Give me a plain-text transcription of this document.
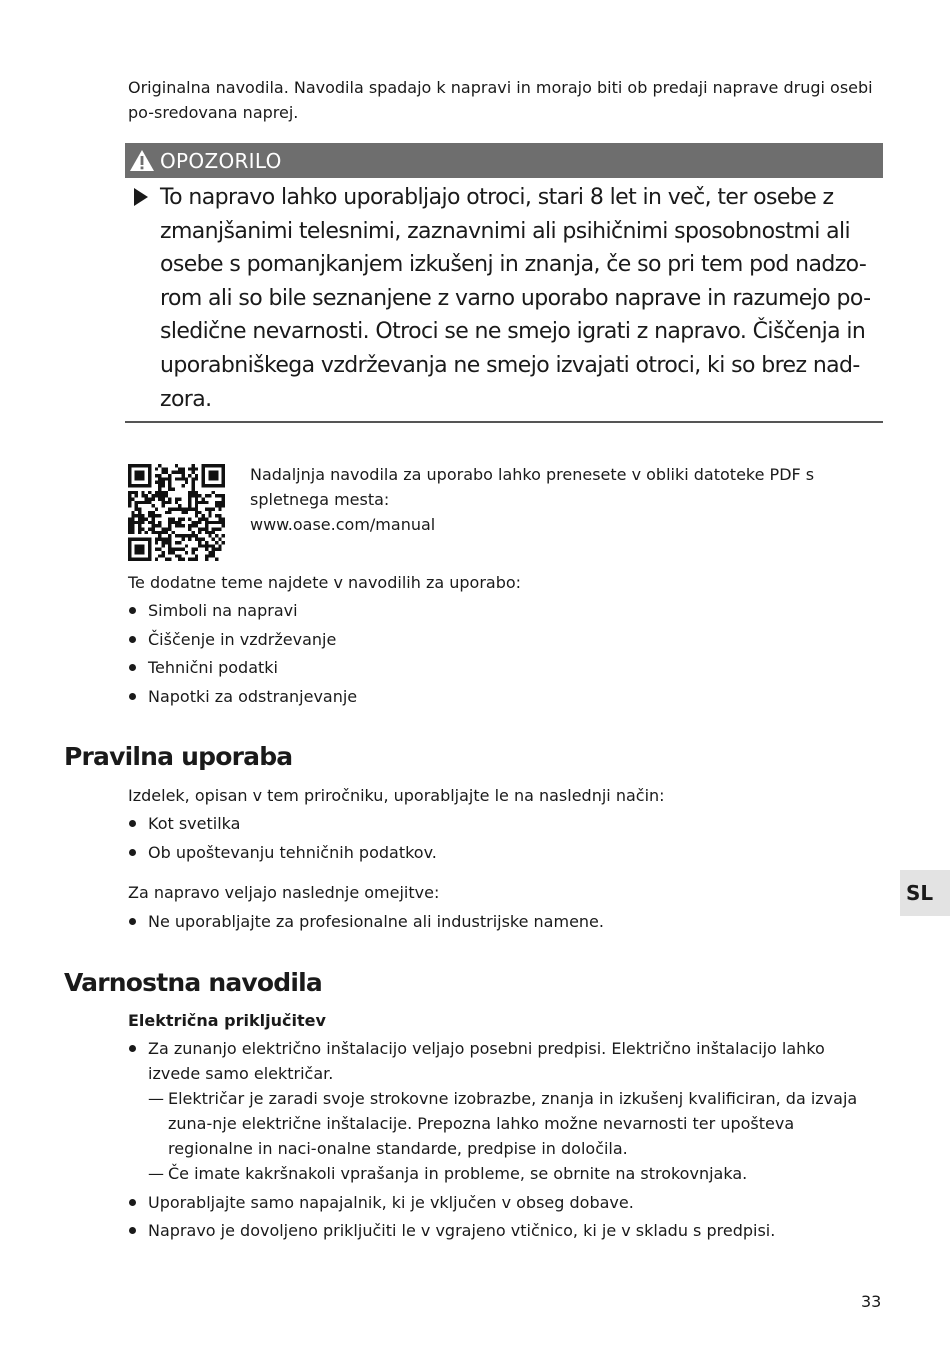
Originalna navodila. Navodila spadajo k napravi in morajo biti ob predaji naprave drugi osebi po-sredovana naprej.

OPOZORILO

To napravo lahko uporabljajo otroci, stari 8 let in več, ter osebe z zmanjšanimi telesnimi, zaznavnimi ali psihičnimi sposobnostmi ali osebe s pomanjkanjem izkušenj in znanja, če so pri tem pod nadzo-rom ali so bile seznanjene z varno uporabo naprave in razumejo po-sledične nevarnosti. Otroci se ne smejo igrati z napravo. Čiščenja in uporabniškega vzdrževanja ne smejo izvajati otroci, ki so brez nad-zora.

Nadaljnja navodila za uporabo lahko prenesete v obliki datoteke PDF s spletnega mesta:

www.oase.com/manual

Te dodatne teme najdete v navodilih za uporabo:

Simboli na napravi
Čiščenje in vzdrževanje
Tehnični podatki
Napotki za odstranjevanje
Pravilna uporaba

Izdelek, opisan v tem priročniku, uporabljajte le na naslednji način:

Kot svetilka
Ob upoštevanju tehničnih podatkov.

Za napravo veljajo naslednje omejitve:

Ne uporabljajte za profesionalne ali industrijske namene.
SL
Varnostna navodila

Električna priključitev

Za zunanjo električno inštalacijo veljajo posebni predpisi. Električno inštalacijo lahko izvede samo električar.
— Električar je zaradi svoje strokovne izobrazbe, znanja in izkušenj kvalificiran, da izvaja zuna-nje električne inštalacije. Prepozna lahko možne nevarnosti ter upošteva regionalne in naci-onalne standarde, predpise in določila.
— Če imate kakršnakoli vprašanja in probleme, se obrnite na strokovnjaka.
Uporabljajte samo napajalnik, ki je vključen v obseg dobave.
Napravo je dovoljeno priključiti le v vgrajeno vtičnico, ki je v skladu s predpisi.
33
